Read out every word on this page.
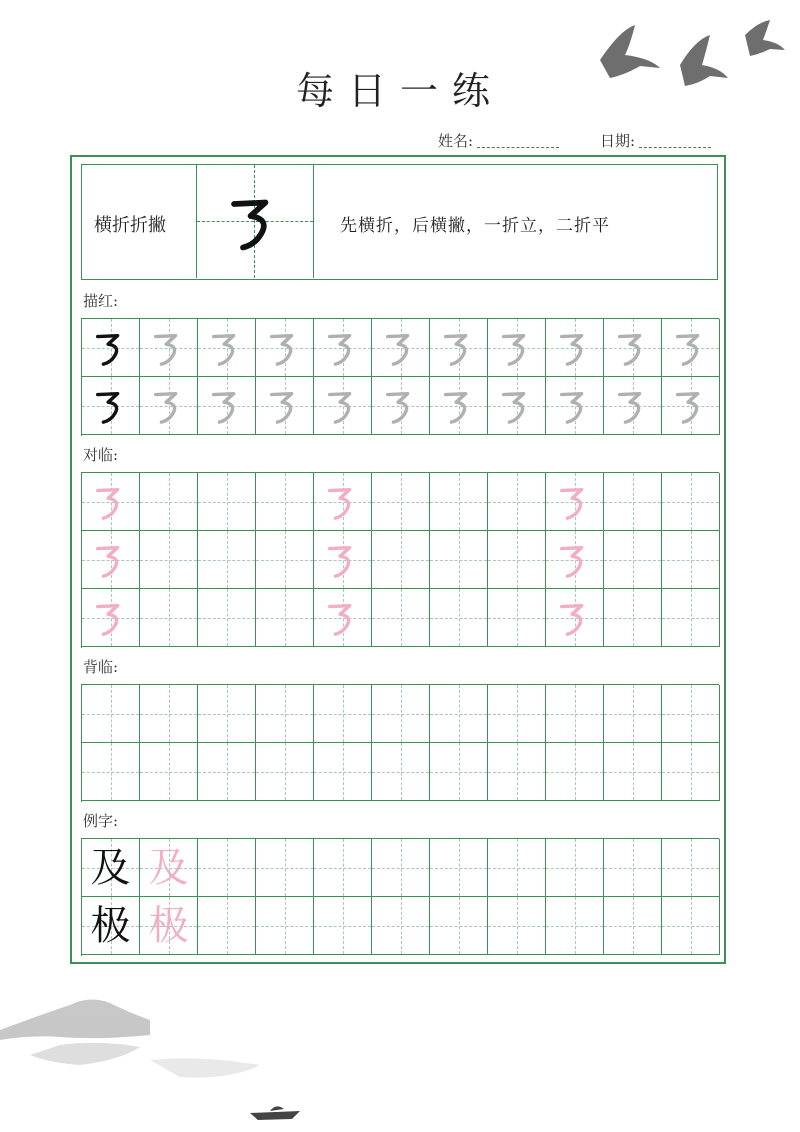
每日一练
姓名:	日期:
横折折撇	先横折，后横撇，一折立，二折平
描红:
对临:
背临:
例字:
及 及
极 极
